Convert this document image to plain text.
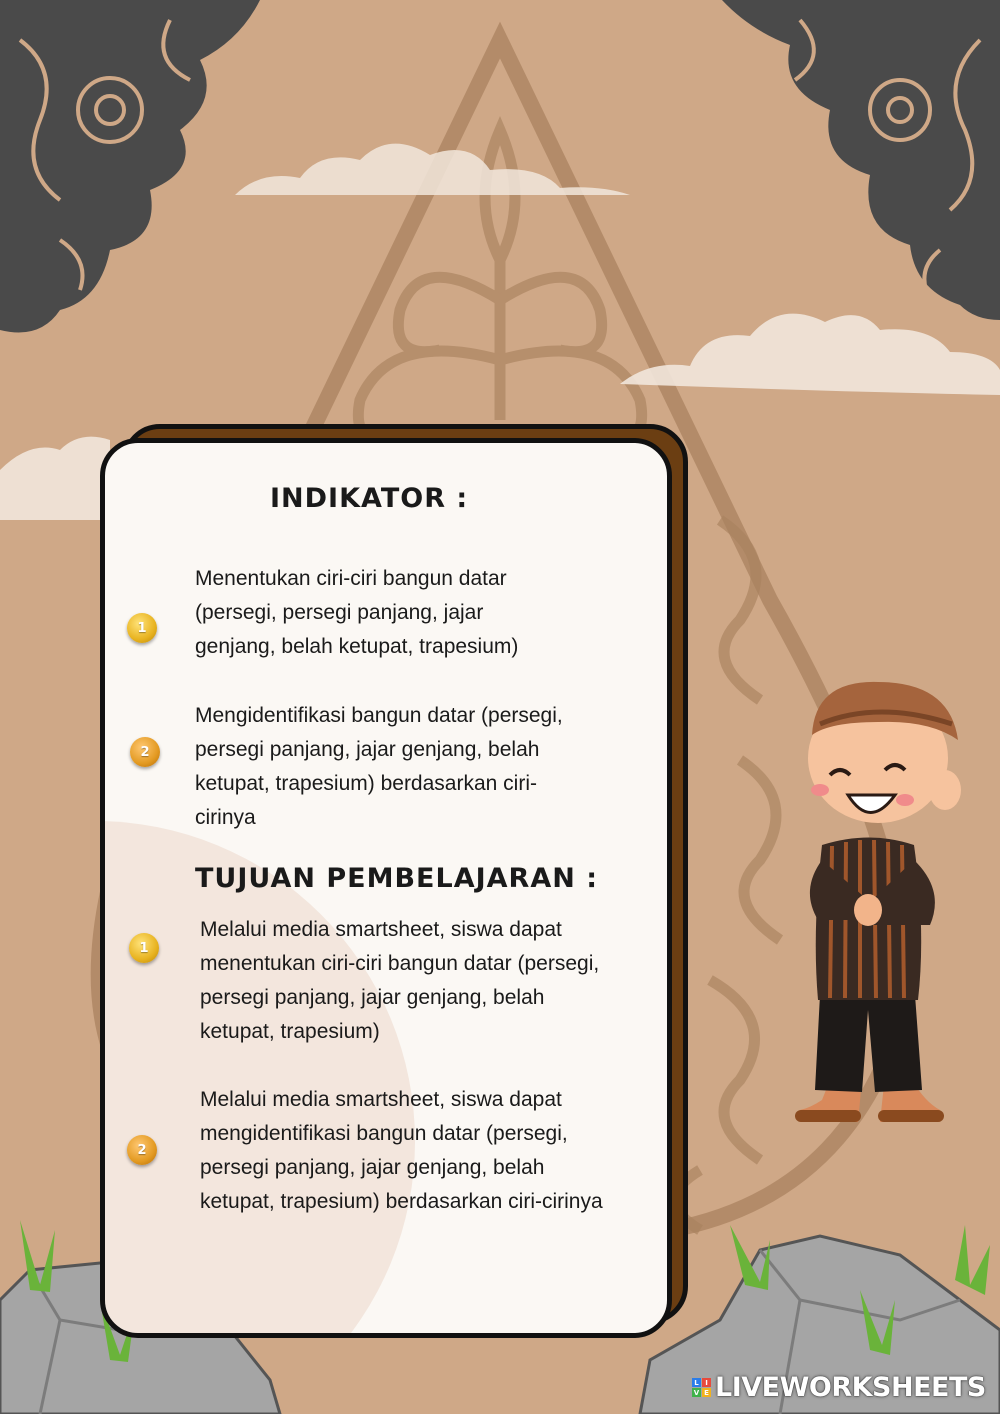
INDIKATOR :
1

Menentukan ciri-ciri bangun datar (persegi, persegi panjang, jajar genjang, belah ketupat, trapesium)

2

Mengidentifikasi bangun datar (persegi, persegi panjang, jajar genjang, belah ketupat, trapesium) berdasarkan ciri-cirinya

TUJUAN PEMBELAJARAN :
1

Melalui media smartsheet, siswa dapat menentukan ciri-ciri bangun datar (persegi, persegi panjang, jajar genjang, belah ketupat, trapesium)

2

Melalui media smartsheet, siswa dapat mengidentifikasi bangun datar (persegi, persegi panjang, jajar genjang, belah ketupat, trapesium) berdasarkan ciri-cirinya

L I
V E LIVEWORKSHEETS
